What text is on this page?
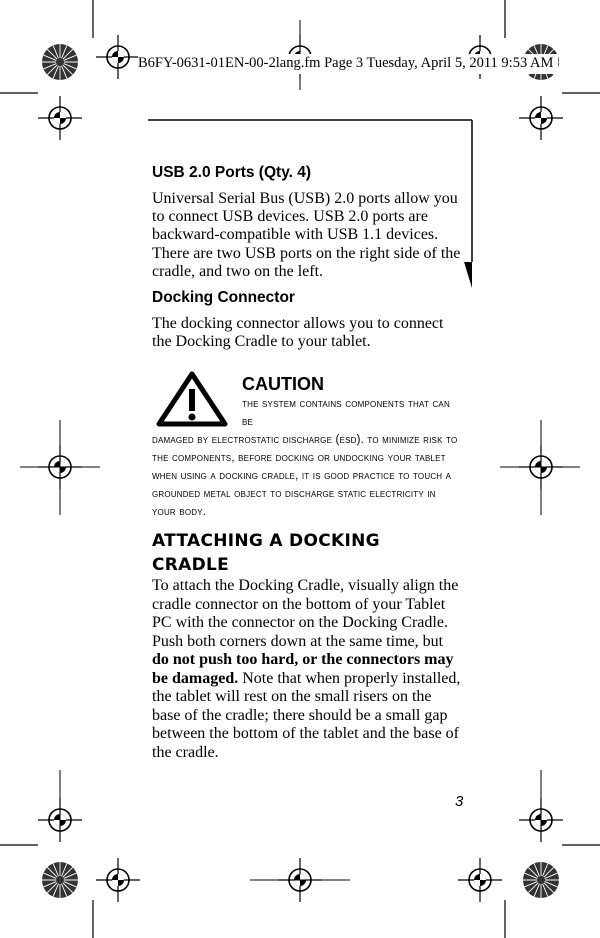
B6FY-0631-01EN-00-2lang.fm Page 3 Tuesday, April 5, 2011 9:53 AM
USB 2.0 Ports (Qty. 4)

Universal Serial Bus (USB) 2.0 ports allow you to connect USB devices. USB 2.0 ports are backward-compatible with USB 1.1 devices. There are two USB ports on the right side of the cradle, and two on the left.

Docking Connector

The docking connector allows you to connect the Docking Cradle to your tablet.

CAUTION
the system contains components that can be
damaged by electrostatic discharge (esd). to minimize risk to the components, before docking or undocking your tablet when using a docking cradle, it is good practice to touch a grounded metal object to discharge static electricity in your body.
ATTACHING A DOCKING CRADLE
To attach the Docking Cradle, visually align the cradle connector on the bottom of your Tablet PC with the connector on the Docking Cradle. Push both corners down at the same time, but do not push too hard, or the connectors may be damaged. Note that when properly installed, the tablet will rest on the small risers on the base of the cradle; there should be a small gap between the bottom of the tablet and the base of the cradle.
3
